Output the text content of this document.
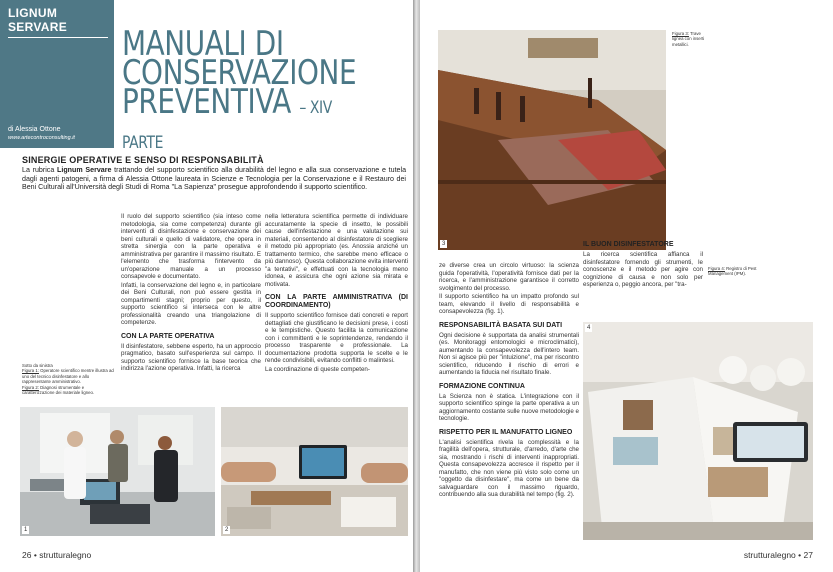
LIGNUM SERVARE
di Alessia Ottone
www.artecontroconsulting.it
MANUALI DI CONSERVAZIONE PREVENTIVA – XIV PARTE
SINERGIE OPERATIVE E SENSO DI RESPONSABILITÀ
La rubrica Lignum Servare trattando del supporto scientifico alla durabilità del legno e alla sua conservazione e tutela dagli agenti patogeni, a firma di Alessia Ottone laureata in Scienze e Tecnologia per la Conservazione e il Restauro dei Beni Culturali all'Università degli Studi di Roma "La Sapienza" prosegue approfondendo il supporto scientifico.

Il ruolo del supporto scientifico (sia inteso come metodologia, sia come competenza) durante gli interventi di disinfestazione e conservazione dei beni culturali e quello di validatore, che opera in stretta sinergia con la parte operativa e amministrativa per garantire il massimo risultato. E l'elemento che trasforma l'intervento da un'operazione manuale a un processo consapevole e documentato.

Infatti, la conservazione del legno e, in particolare dei Beni Culturali, non può essere gestita in compartimenti stagni; proprio per questo, il supporto scientifico si interseca con le altre professionalità creando una triangolazione di competenze.

CON LA PARTE OPERATIVA

Il disinfestatore, sebbene esperto, ha un approccio pragmatico, basato sull'esperienza sul campo. Il supporto scientifico fornisce la base teorica che indirizza l'azione operativa. Infatti, la ricerca

nella letteratura scientifica permette di individuare accuratamente la specie di insetto, le possibili cause dell'infestazione e una valutazione sui materiali, consentendo al disinfestatore di scegliere il metodo più appropriato (es. Anossia anziché un trattamento termico, che sarebbe meno efficace o più dannoso). Questa collaborazione evita interventi "a tentativi", e effettuati con la tecnologia meno idonea, e assicura che ogni azione sia mirata e motivata.

CON LA PARTE AMMINISTRATIVA (DI COORDINAMENTO)

Il supporto scientifico fornisce dati concreti e report dettagliati che giustificano le decisioni prese, i costi e le tempistiche. Questo facilita la comunicazione con i committenti e le soprintendenze, rendendo il processo trasparente e professionale. La documentazione prodotta supporta le scelte e le rende condivisibili, evitando conflitti o malintesi.

La coordinazione di queste competen-

Sotto da sinistra
Figura 1: Operatore scientifico mentre illustra ad uno del tecnico disinfestatore e allo rappresentante amministrativo.
Figura 2: Diagnosi strumentale e caratterizzazione dei materiale ligneo.
1	2
26 • strutturalegno
3
Figura 3: Trave lignea con inserti metallici.

ze diverse crea un circolo virtuoso: la scienza guida l'operatività, l'operatività fornisce dati per la ricerca, e l'amministrazione garantisce il corretto svolgimento del processo.

Il supporto scientifico ha un impatto profondo sul team, elevando il livello di responsabilità e consapevolezza (fig. 1).

RESPONSABILITÀ BASATA SUI DATI

Ogni decisione è supportata da analisi strumentali (es. Monitoraggi entomologici e microclimatici), aumentando la consapevolezza dell'intero team. Non si agisce più per "intuizione", ma per riscontro scientifico, riducendo il rischio di errori e aumentando la fiducia nel risultato finale.

FORMAZIONE CONTINUA

La Scienza non è statica. L'integrazione con il supporto scientifico spinge la parte operativa a un aggiornamento costante sulle nuove metodologie e tecnologie.

RISPETTO PER IL MANUFATTO LIGNEO

L'analisi scientifica rivela la complessità e la fragilità dell'opera, strutturale, d'arredo, d'arte che sia, mostrando i rischi di interventi inappropriati. Questa consapevolezza accresce il rispetto per il manufatto, che non viene più visto solo come un "oggetto da disinfestare", ma come un bene da salvaguardare con il massimo riguardo, contribuendo alla sua durabilità nel tempo (fig. 2).

IL BUON DISINFESTATORE

La ricerca scientifica affianca il disinfestatore fornendo gli strumenti, le conoscenze e il metodo per agire con cognizione di causa e non solo per esperienza o, peggio ancora, per "tra-

Figura 4: Registro di Pest Management (IPM).
4
strutturalegno • 27
